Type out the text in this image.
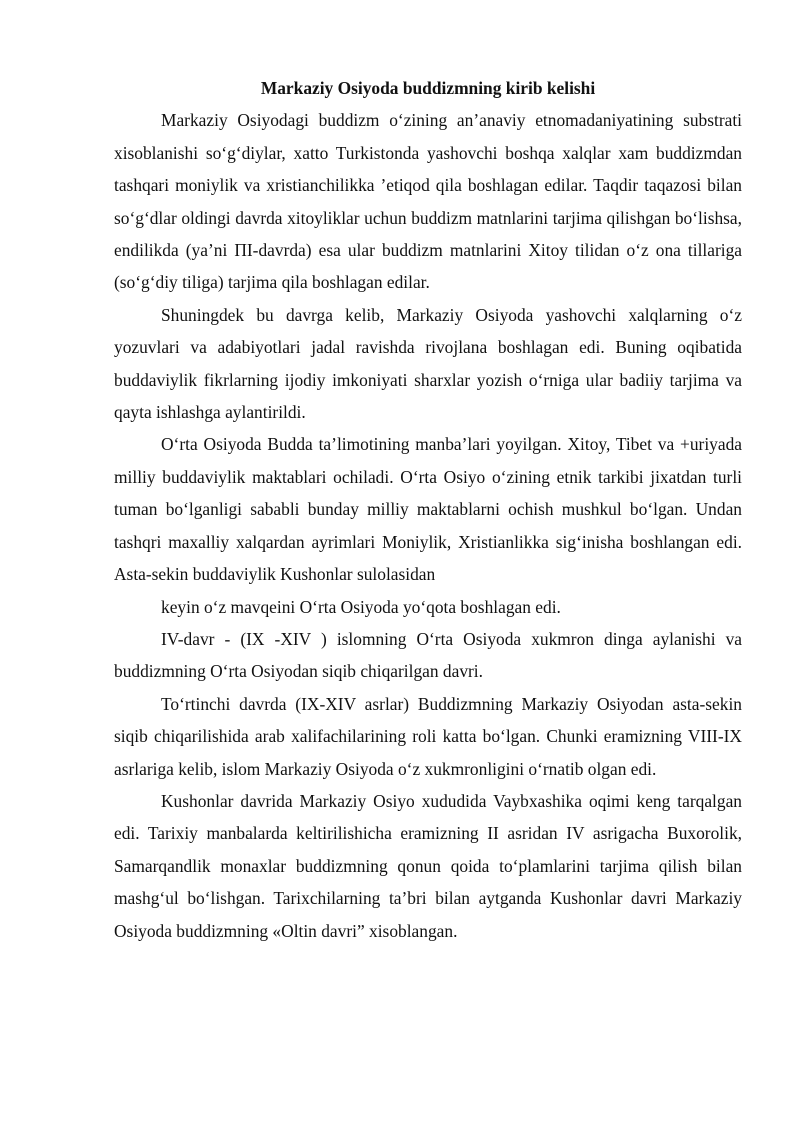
Markaziy Osiyoda buddizmning kirib kelishi

Markaziy Osiyodagi buddizm o‘zining an’anaviy etnomadaniyatining substrati xisoblanishi so‘g‘diylar, xatto Turkistonda yashovchi boshqa xalqlar xam buddizmdan tashqari moniylik va xristianchilikka ’etiqod qila boshlagan edilar. Taqdir taqazosi bilan so‘g‘dlar oldingi davrda xitoyliklar uchun buddizm matnlarini tarjima qilishgan bo‘lishsa, endilikda (ya’ni ΠI-davrda) esa ular buddizm matnlarini Xitoy tilidan o‘z ona tillariga (so‘g‘diy tiliga) tarjima qila boshlagan edilar.

Shuningdek bu davrga kelib, Markaziy Osiyoda yashovchi xalqlarning o‘z yozuvlari va adabiyotlari jadal ravishda rivojlana boshlagan edi. Buning oqibatida buddaviylik fikrlarning ijodiy imkoniyati sharxlar yozish o‘rniga ular badiiy tarjima va qayta ishlashga aylantirildi.

O‘rta Osiyoda Budda ta’limotining manba’lari yoyilgan. Xitoy, Tibet va +uriyada milliy buddaviylik maktablari ochiladi. O‘rta Osiyo o‘zining etnik tarkibi jixatdan turli tuman bo‘lganligi sababli bunday milliy maktablarni ochish mushkul bo‘lgan. Undan tashqri maxalliy xalqardan ayrimlari Moniylik, Xristianlikka sig‘inisha boshlangan edi. Asta-sekin buddaviylik Kushonlar sulolasidan

keyin o‘z mavqeini O‘rta Osiyoda yo‘qota boshlagan edi.

IV-davr - (IX -XIV ) islomning O‘rta Osiyoda xukmron dinga aylanishi va buddizmning O‘rta Osiyodan siqib chiqarilgan davri.

To‘rtinchi davrda (IX-XIV asrlar) Buddizmning Markaziy Osiyodan asta-sekin siqib chiqarilishida arab xalifachilarining roli katta bo‘lgan. Chunki eramizning VIII-IX asrlariga kelib, islom Markaziy Osiyoda o‘z xukmronligini o‘rnatib olgan edi.

Kushonlar davrida Markaziy Osiyo xududida Vaybxashika oqimi keng tarqalgan edi. Tarixiy manbalarda keltirilishicha eramizning II asridan IV asrigacha Buxorolik, Samarqandlik monaxlar buddizmning qonun qoida to‘plamlarini tarjima qilish bilan mashg‘ul bo‘lishgan. Tarixchilarning ta’bri bilan aytganda Kushonlar davri Markaziy Osiyoda buddizmning «Oltin davri” xisoblangan.
